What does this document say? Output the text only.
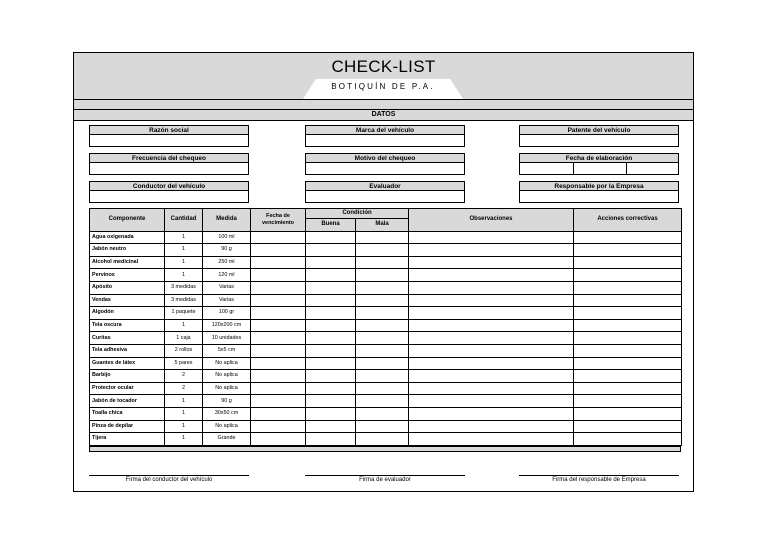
CHECK-LIST
BOTIQUÍN DE P.A.
DATOS
Razón social	Marca del vehículo	Patente del vehículo
Frecuencia del chequeo	Motivo del chequeo	Fecha de elaboración
Conductor del vehículo	Evaluador	Responsable por la Empresa
Componente	Cantidad	Medida	Fecha de vencimiento	Condición		Observaciones	Acciones correctivas
				Buena	Mala		
Agua oxigenada	1	100 ml					
Jabón neutro	1	90 g					
Alcohol medicinal	1	250 ml					
Pervinox	1	120 ml					
Apósito	3 medidas	Varias					
Vendas	3 medidas	Varias					
Algodón	1 paquete	100 gr					
Tela oscura	1	120x200 cm					
Curitas	1 caja	10 unidades					
Tela adhesiva	2 rollos	5x5 cm					
Guantes de látex	5 pares	No aplica					
Barbijo	2	No aplica					
Protector ocular	2	No aplica					
Jabón de tocador	1	90 g					
Toalla chica	1	30x50 cm					
Pinza de depilar	1	No aplica					
Tijera	1	Grande					
Firma del conductor del vehículo	Firma de evaluador	Firma del responsable de Empresa
